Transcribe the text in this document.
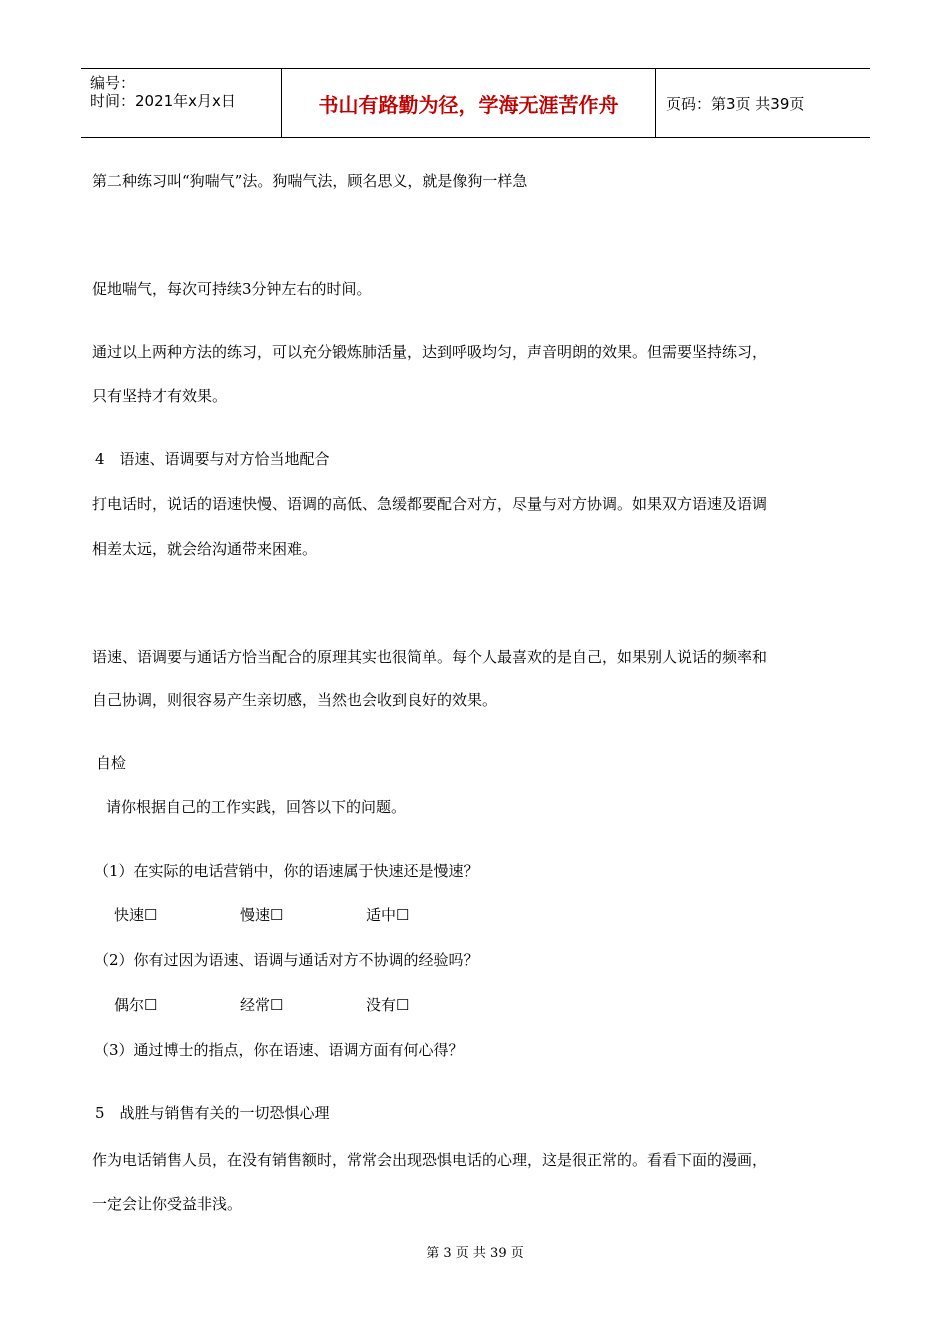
编号：
时间：2021年x月x日	书山有路勤为径，学海无涯苦作舟	页码：第3页 共39页
第二种练习叫“狗喘气”法。狗喘气法，顾名思义，就是像狗一样急
促地喘气，每次可持续3分钟左右的时间。
通过以上两种方法的练习，可以充分锻炼肺活量，达到呼吸均匀，声音明朗的效果。但需要坚持练习，
只有坚持才有效果。
4　语速、语调要与对方恰当地配合
打电话时，说话的语速快慢、语调的高低、急缓都要配合对方，尽量与对方协调。如果双方语速及语调
相差太远，就会给沟通带来困难。
语速、语调要与通话方恰当配合的原理其实也很简单。每个人最喜欢的是自己，如果别人说话的频率和
自己协调，则很容易产生亲切感，当然也会收到良好的效果。
自检
请你根据自己的工作实践，回答以下的问题。
（1）在实际的电话营销中，你的语速属于快速还是慢速？
快速☐	慢速☐	适中☐
（2）你有过因为语速、语调与通话对方不协调的经验吗？
偶尔☐	经常☐	没有☐
（3）通过博士的指点，你在语速、语调方面有何心得？
5　战胜与销售有关的一切恐惧心理
作为电话销售人员，在没有销售额时，常常会出现恐惧电话的心理，这是很正常的。看看下面的漫画，
一定会让你受益非浅。
第 3 页 共 39 页
